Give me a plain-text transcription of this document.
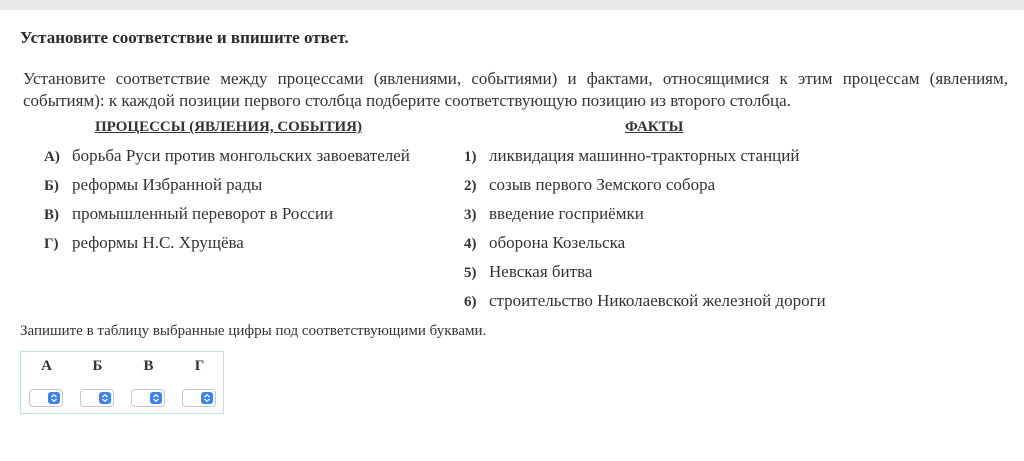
Установите соответствие и впишите ответ.
Установите соответствие между процессами (явлениями, событиями) и фактами, относящимися к этим процессам (явлениям, событиям): к каждой позиции первого столбца подберите соответствующую позицию из второго столбца.
ПРОЦЕССЫ (ЯВЛЕНИЯ, СОБЫТИЯ)	ФАКТЫ
А) борьба Руси против монгольских завоевателей
Б) реформы Избранной рады
В) промышленный переворот в России
Г) реформы Н.С. Хрущёва
1) ликвидация машинно-тракторных станций
2) созыв первого Земского собора
3) введение госприёмки
4) оборона Козельска
5) Невская битва
6) строительство Николаевской железной дороги
Запишите в таблицу выбранные цифры под соответствующими буквами.
А	Б	В	Г
